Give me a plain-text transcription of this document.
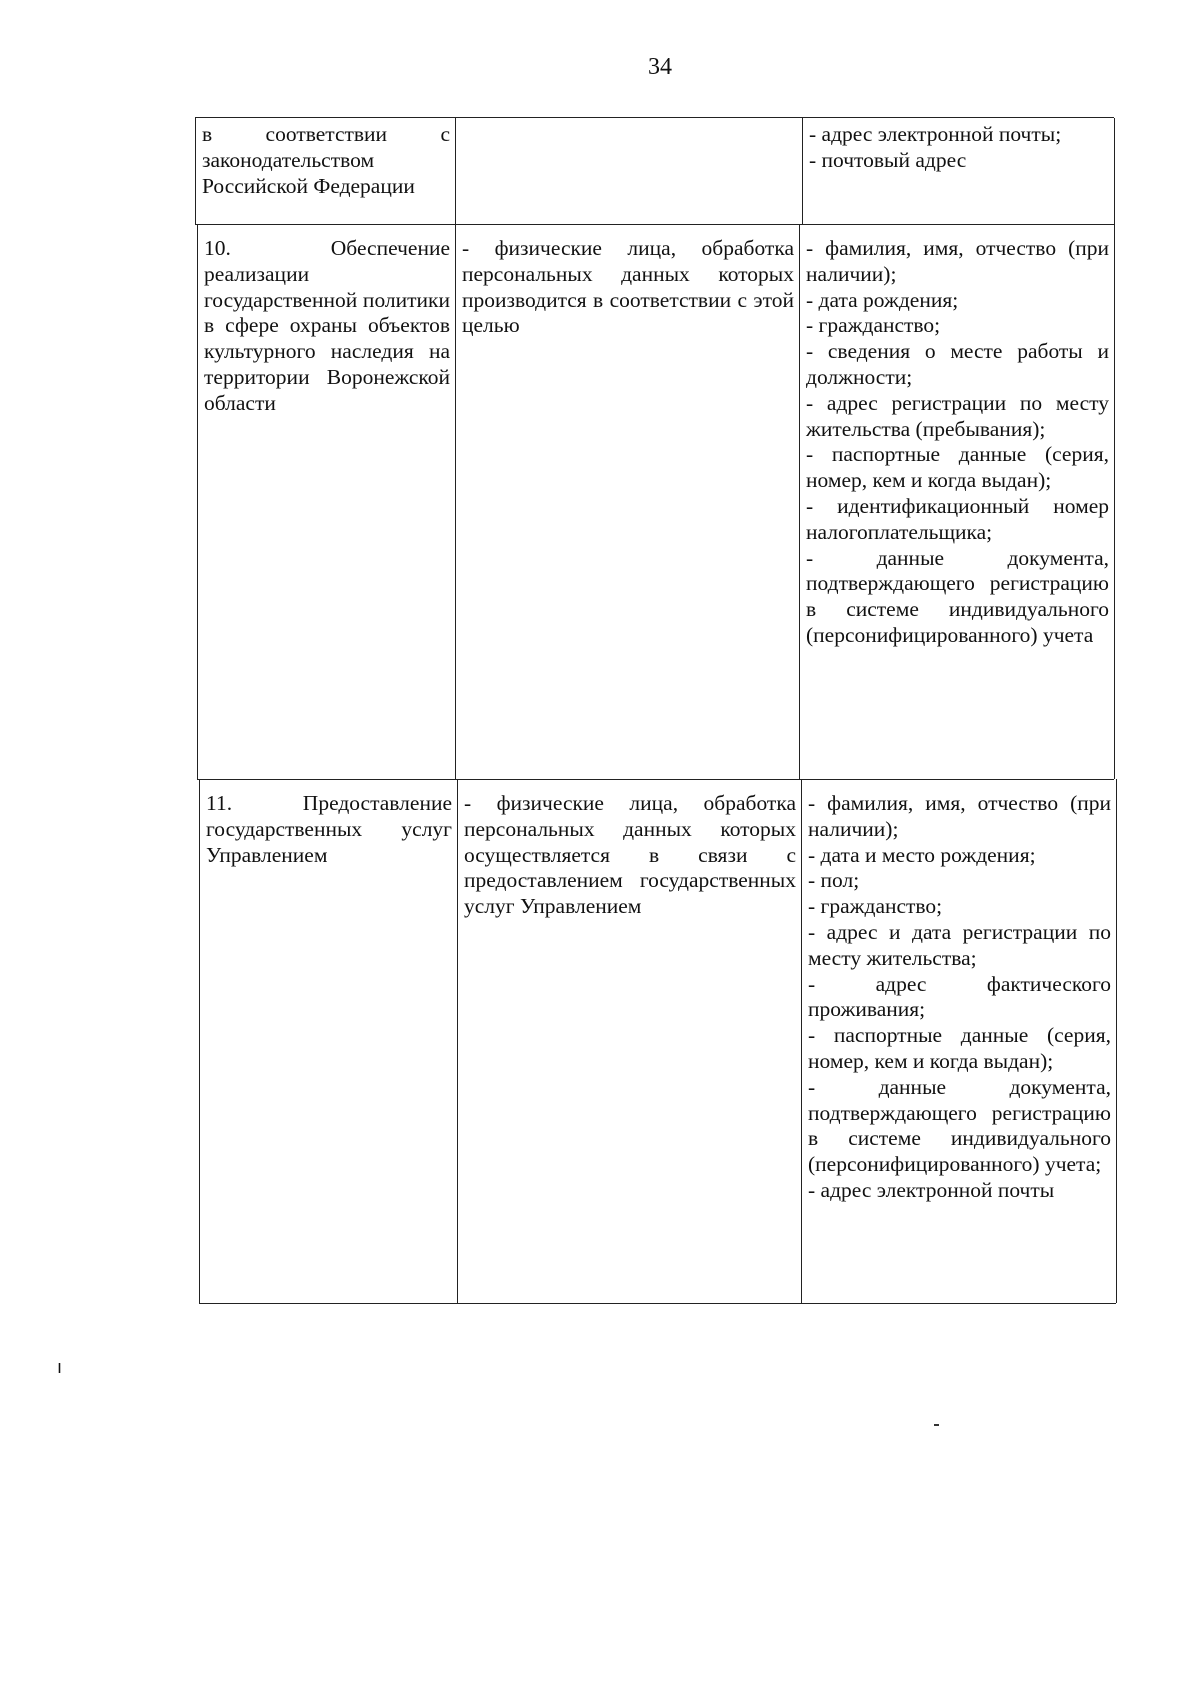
34
в соответствии с законодательством Российской Федерации

- адрес электронной почты;

- почтовый адрес

10. Обеспечение реализации государственной политики в сфере охраны объектов культурного наследия на территории Воронежской области
- физические лица, обработка персональных данных которых производится в соответствии с этой целью

- фамилия, имя, отчество (при наличии);

- дата рождения;

- гражданство;

- сведения о месте работы и должности;

- адрес регистрации по месту жительства (пребывания);

- паспортные данные (серия, номер, кем и когда выдан);

- идентификационный номер налогоплательщика;

- данные документа, подтверждающего регистрацию в системе индивидуального (персонифицированного) учета

11. Предоставление государственных услуг Управлением
- физические лица, обработка персональных данных которых осуществляется в связи с предоставлением государственных услуг Управлением

- фамилия, имя, отчество (при наличии);

- дата и место рождения;

- пол;

- гражданство;

- адрес и дата регистрации по месту жительства;

- адрес фактического проживания;

- паспортные данные (серия, номер, кем и когда выдан);

- данные документа, подтверждающего регистрацию в системе индивидуального (персонифицированного) учета;

- адрес электронной почты

ı
